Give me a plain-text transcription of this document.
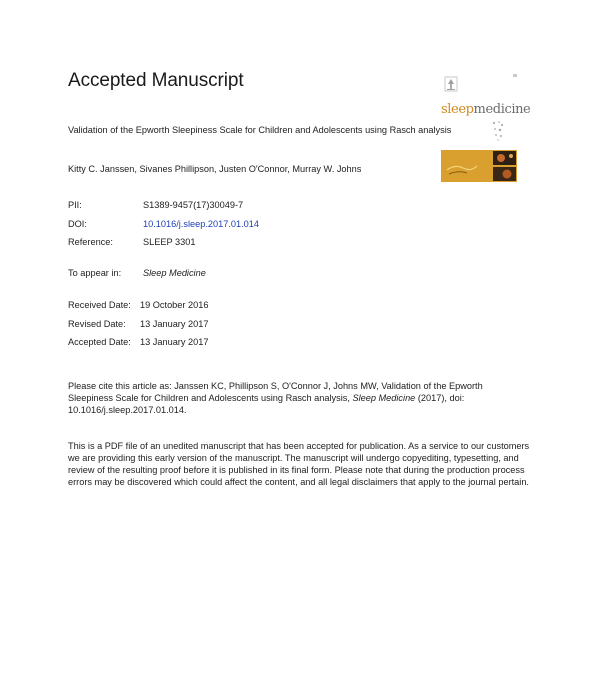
Accepted Manuscript
sleepmedicine
Validation of the Epworth Sleepiness Scale for Children and Adolescents using Rasch analysis
Kitty C. Janssen, Sivanes Phillipson, Justen O'Connor, Murray W. Johns
PII:	S1389-9457(17)30049-7
DOI:	10.1016/j.sleep.2017.01.014
Reference:	SLEEP 3301
To appear in:	Sleep Medicine
Received Date: 19 October 2016
Revised Date:	13 January 2017
Accepted Date: 13 January 2017

Please cite this article as: Janssen KC, Phillipson S, O'Connor J, Johns MW, Validation of the Epworth Sleepiness Scale for Children and Adolescents using Rasch analysis, Sleep Medicine (2017), doi: 10.1016/j.sleep.2017.01.014.

This is a PDF file of an unedited manuscript that has been accepted for publication. As a service to our customers we are providing this early version of the manuscript. The manuscript will undergo copyediting, typesetting, and review of the resulting proof before it is published in its final form. Please note that during the production process errors may be discovered which could affect the content, and all legal disclaimers that apply to the journal pertain.
